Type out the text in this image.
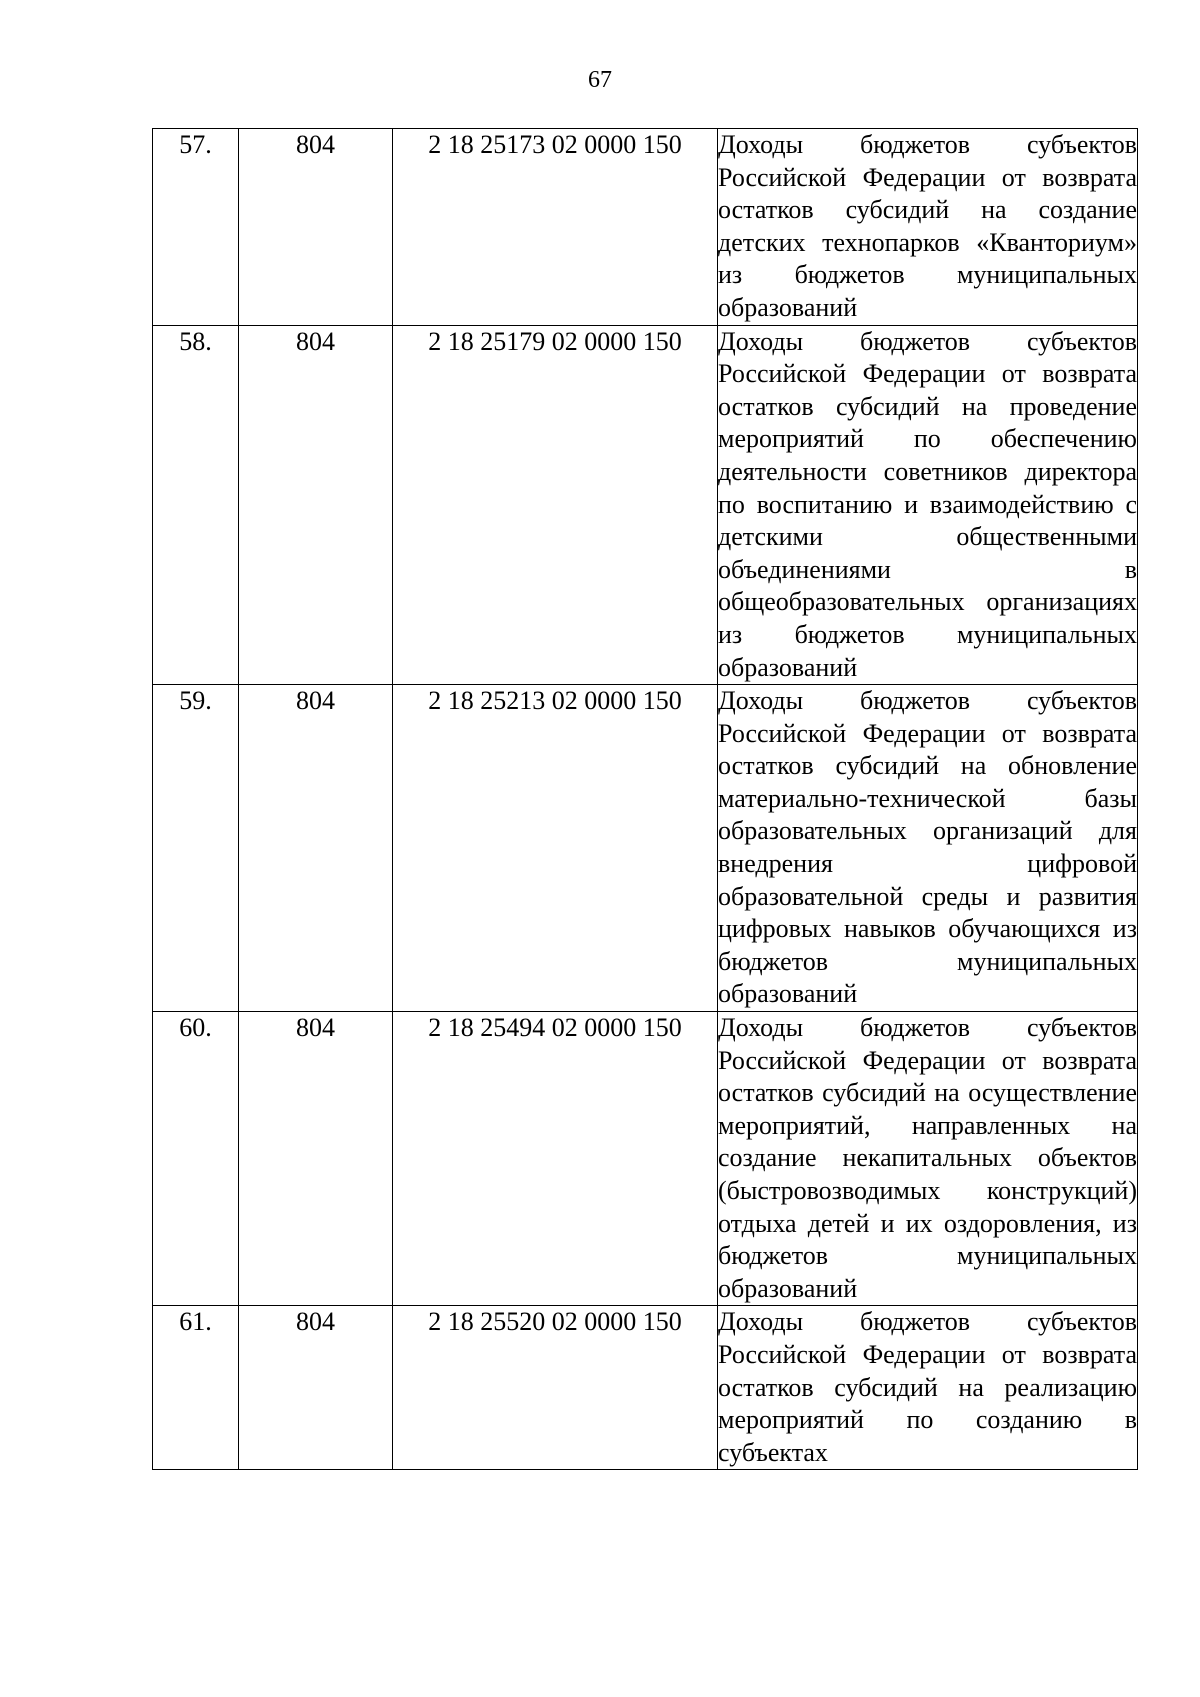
67
57.	804	2 18 25173 02 0000 150	Доходы бюджетов субъектов Российской Федерации от возврата остатков субсидий на создание детских технопарков «Кванториум» из бюджетов муниципальных образований

58.	804	2 18 25179 02 0000 150	Доходы бюджетов субъектов Российской Федерации от возврата остатков субсидий на проведение мероприятий по обеспечению деятельности советников директора по воспитанию и взаимодействию с детскими общественными объединениями в общеобразовательных организациях из бюджетов муниципальных образований

59.	804	2 18 25213 02 0000 150	Доходы бюджетов субъектов Российской Федерации от возврата остатков субсидий на обновление материально-технической базы образовательных организаций для внедрения цифровой образовательной среды и развития цифровых навыков обучающихся из бюджетов муниципальных образований

60.	804	2 18 25494 02 0000 150	Доходы бюджетов субъектов Российской Федерации от возврата остатков субсидий на осуществление мероприятий, направленных на создание некапитальных объектов (быстровозводимых конструкций) отдыха детей и их оздоровления, из бюджетов муниципальных образований

61.	804	2 18 25520 02 0000 150	Доходы бюджетов субъектов Российской Федерации от возврата остатков субсидий на реализацию мероприятий по созданию в субъектах
